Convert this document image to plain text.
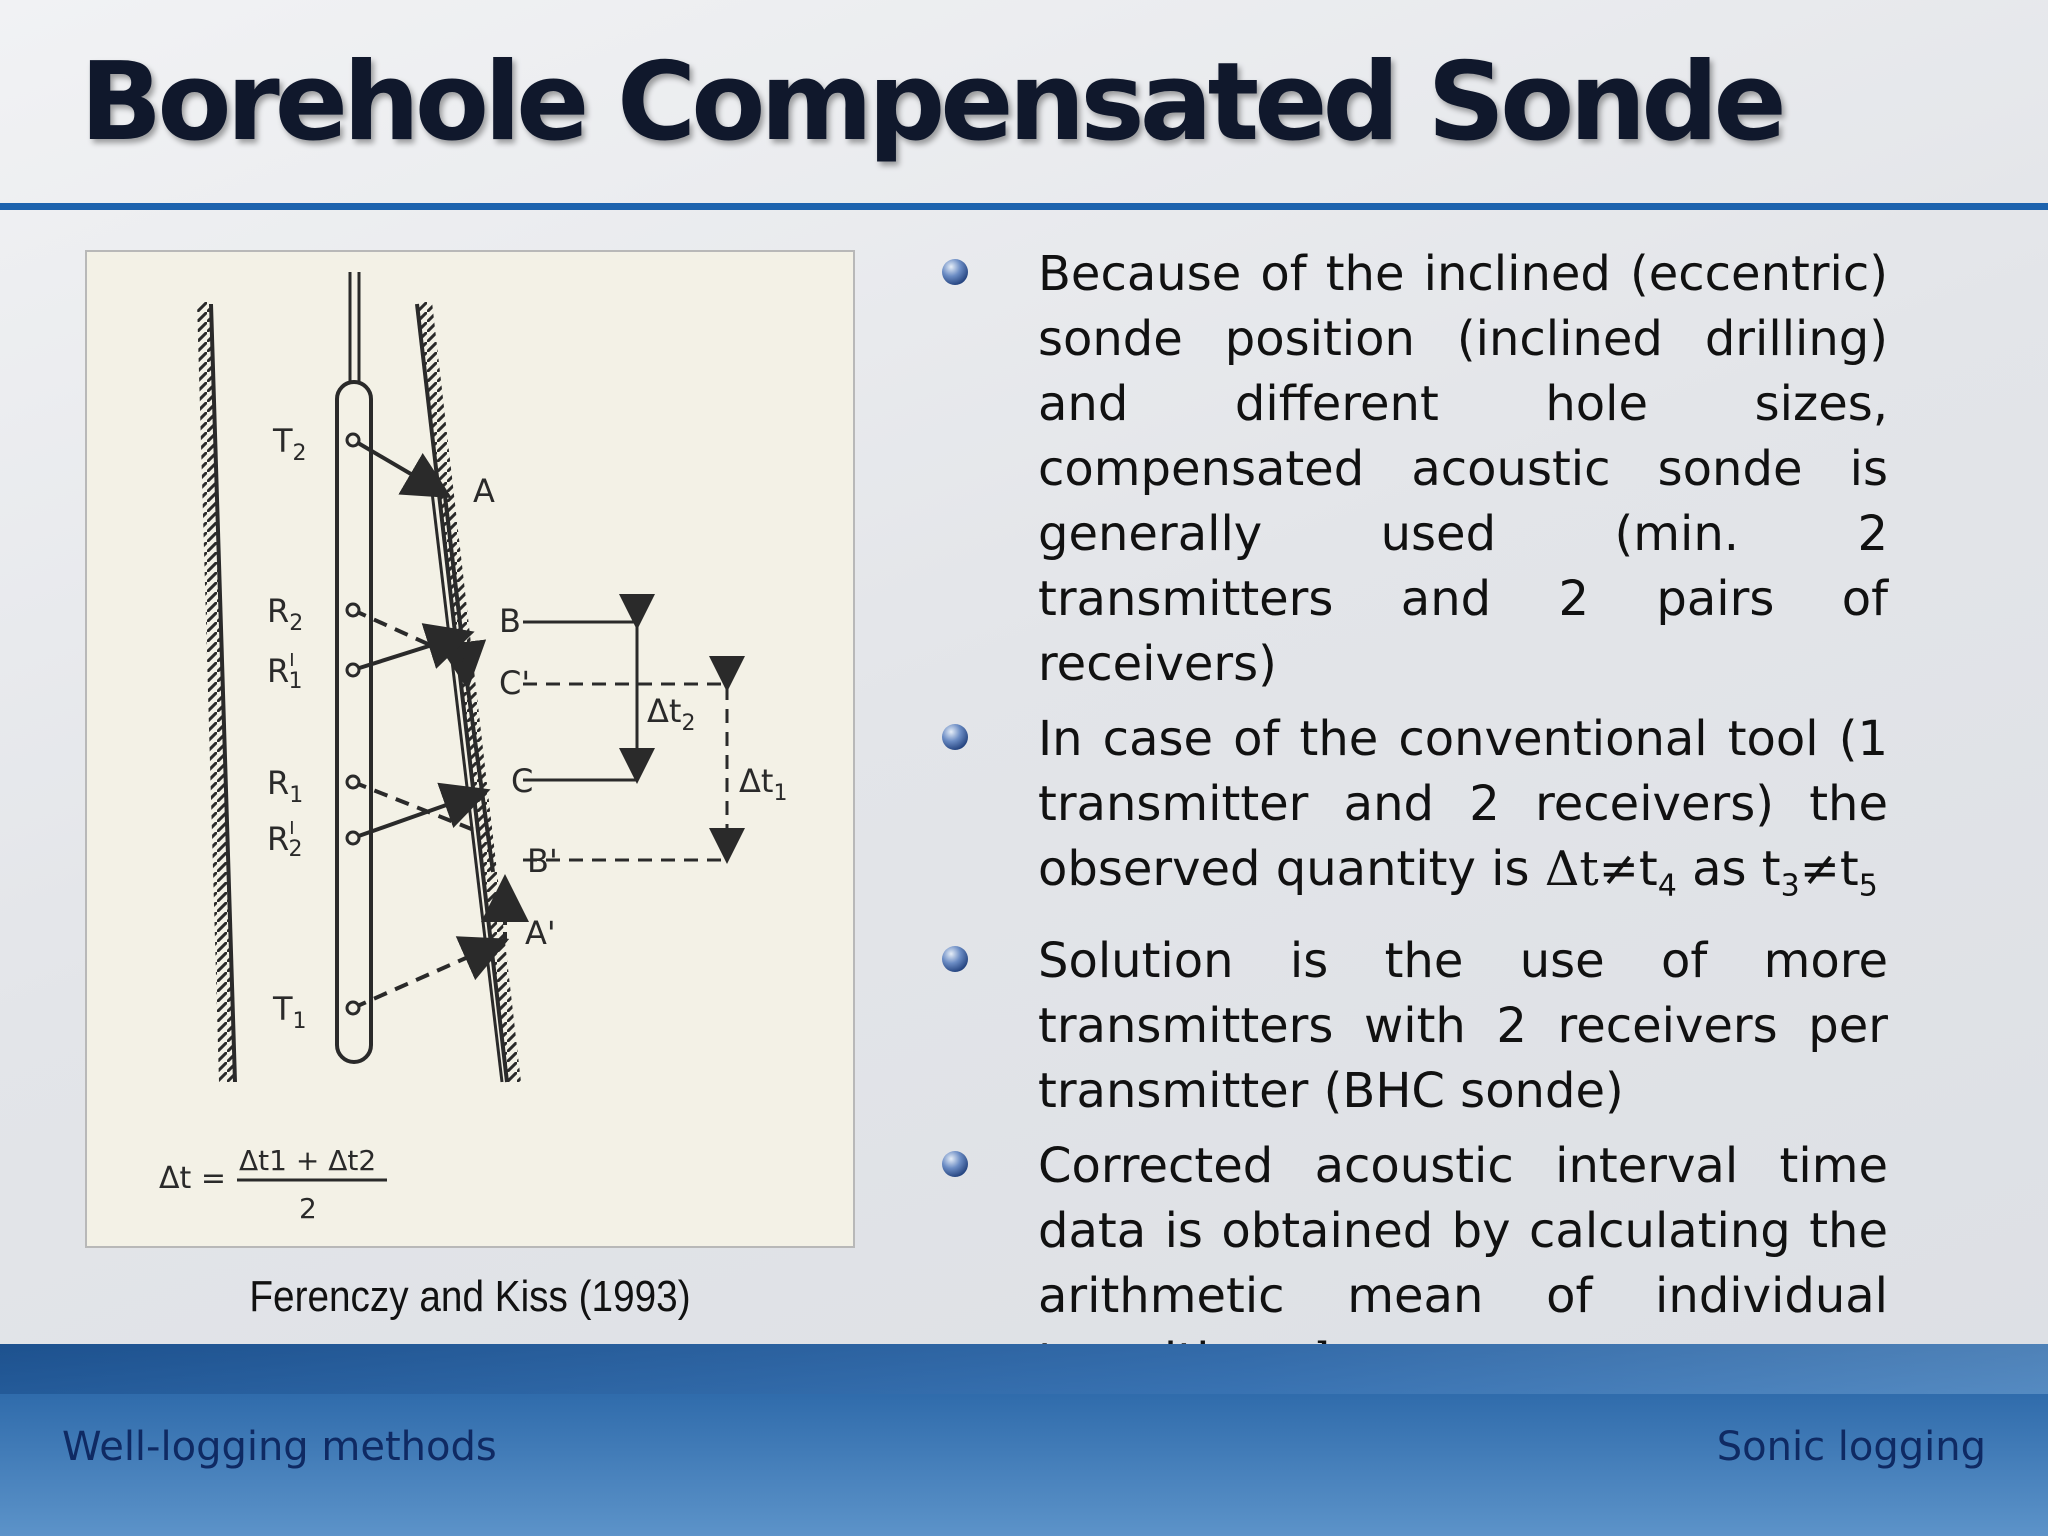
Borehole Compensated Sonde
$T_2$
$T_1$
$R_2$
$R^I$ 1
$R_1$
$R^I$ 2
A
B
C'
C
B'
A'
$\Delta t_2$
$\Delta t_1$
Δt =
Δt1 + Δt2
2
Ferenczy and Kiss (1993)
Because of the inclined (eccentric) sonde position (inclined drilling) and different hole sizes, compensated acoustic sonde is generally used (min. 2 transmitters and 2 pairs of receivers)
In case of the conventional tool (1 transmitter and 2 receivers) the observed quantity is $\Delta t\ne t_4$ as $t_3\ne t_5$
Solution is the use of more transmitters with 2 receivers per transmitter (BHC sonde)
Corrected acoustic interval time data is obtained by calculating the arithmetic mean of individual
Well-logging methods	Sonic logging
